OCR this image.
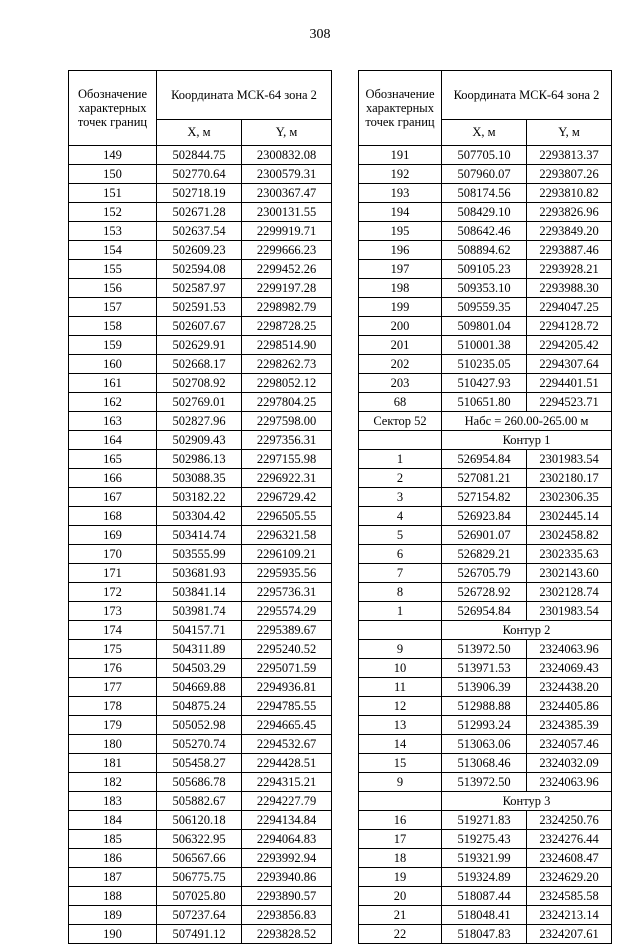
308
Обозначение характерных точек границ	Координата МСК-64 зона 2	
	X, м	Y, м
149	502844.75	2300832.08
150	502770.64	2300579.31
151	502718.19	2300367.47
152	502671.28	2300131.55
153	502637.54	2299919.71
154	502609.23	2299666.23
155	502594.08	2299452.26
156	502587.97	2299197.28
157	502591.53	2298982.79
158	502607.67	2298728.25
159	502629.91	2298514.90
160	502668.17	2298262.73
161	502708.92	2298052.12
162	502769.01	2297804.25
163	502827.96	2297598.00
164	502909.43	2297356.31
165	502986.13	2297155.98
166	503088.35	2296922.31
167	503182.22	2296729.42
168	503304.42	2296505.55
169	503414.74	2296321.58
170	503555.99	2296109.21
171	503681.93	2295935.56
172	503841.14	2295736.31
173	503981.74	2295574.29
174	504157.71	2295389.67
175	504311.89	2295240.52
176	504503.29	2295071.59
177	504669.88	2294936.81
178	504875.24	2294785.55
179	505052.98	2294665.45
180	505270.74	2294532.67
181	505458.27	2294428.51
182	505686.78	2294315.21
183	505882.67	2294227.79
184	506120.18	2294134.84
185	506322.95	2294064.83
186	506567.66	2293992.94
187	506775.75	2293940.86
188	507025.80	2293890.57
189	507237.64	2293856.83
190	507491.12	2293828.52
Обозначение характерных точек границ	Координата МСК-64 зона 2	
	X, м	Y, м
191	507705.10	2293813.37
192	507960.07	2293807.26
193	508174.56	2293810.82
194	508429.10	2293826.96
195	508642.46	2293849.20
196	508894.62	2293887.46
197	509105.23	2293928.21
198	509353.10	2293988.30
199	509559.35	2294047.25
200	509801.04	2294128.72
201	510001.38	2294205.42
202	510235.05	2294307.64
203	510427.93	2294401.51
68	510651.80	2294523.71
Сектор 52	Набс = 260.00-265.00 м	
	Контур 1	
1	526954.84	2301983.54
2	527081.21	2302180.17
3	527154.82	2302306.35
4	526923.84	2302445.14
5	526901.07	2302458.82
6	526829.21	2302335.63
7	526705.79	2302143.60
8	526728.92	2302128.74
1	526954.84	2301983.54
	Контур 2	
9	513972.50	2324063.96
10	513971.53	2324069.43
11	513906.39	2324438.20
12	512988.88	2324405.86
13	512993.24	2324385.39
14	513063.06	2324057.46
15	513068.46	2324032.09
9	513972.50	2324063.96
	Контур 3	
16	519271.83	2324250.76
17	519275.43	2324276.44
18	519321.99	2324608.47
19	519324.89	2324629.20
20	518087.44	2324585.58
21	518048.41	2324213.14
22	518047.83	2324207.61
